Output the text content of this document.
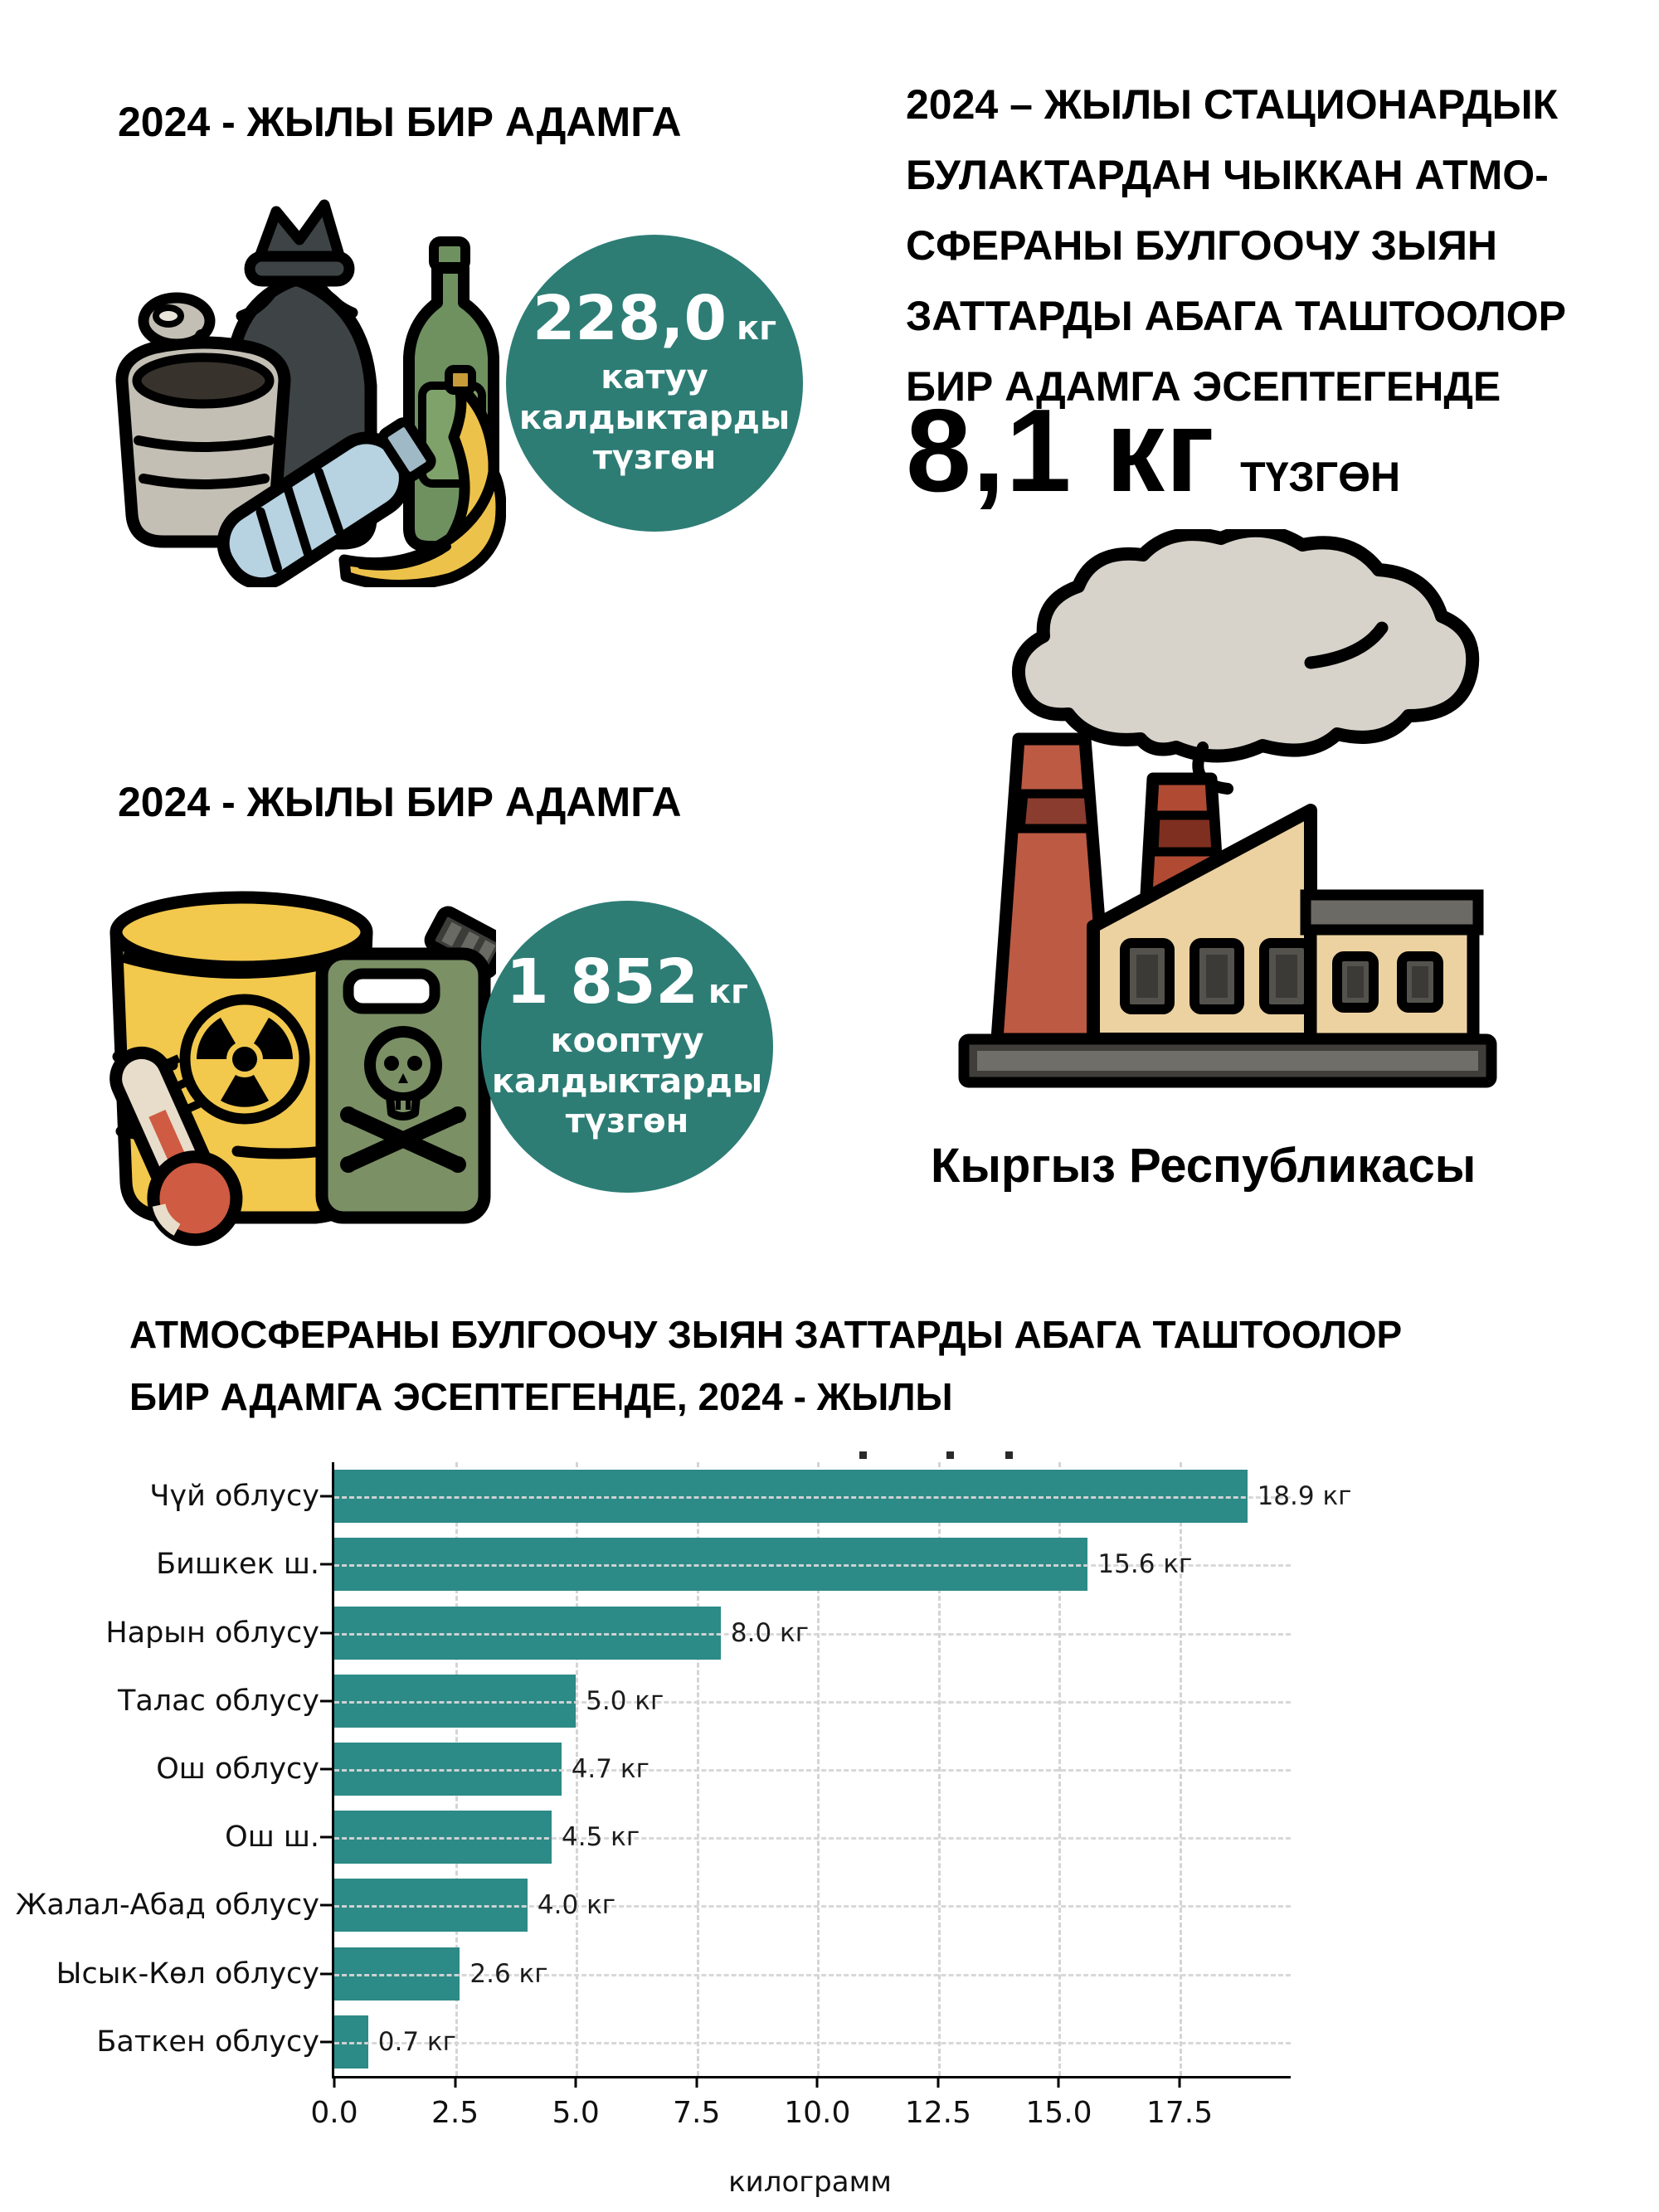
2024 - ЖЫЛЫ БИР АДАМГА
228,0 кг
катуу
калдыктарды
түзгөн
2024 – ЖЫЛЫ СТАЦИОНАРДЫК
БУЛАКТАРДАН ЧЫККАН АТМО-
СФЕРАНЫ БУЛГООЧУ ЗЫЯН
ЗАТТАРДЫ АБАГА ТАШТООЛОР
БИР АДАМГА ЭСЕПТЕГЕНДЕ
8,1 кг ТҮЗГӨН
Кыргыз Республикасы
2024 - ЖЫЛЫ БИР АДАМГА
1 852 кг
кооптуу
калдыктарды
түзгөн
АТМОСФЕРАНЫ БУЛГООЧУ ЗЫЯН ЗАТТАРДЫ АБАГА ТАШТООЛОР
БИР АДАМГА ЭСЕПТЕГЕНДЕ, 2024 - ЖЫЛЫ
0.0 2.5 5.0 7.5 10.0 12.5 15.0 17.5
18.9 кг
Чүй облусу
15.6 кг
Бишкек ш.
8.0 кг
Нарын облусу
5.0 кг
Талас облусу
4.7 кг
Ош облусу
4.5 кг
Ош ш.
4.0 кг
Жалал-Абад облусу
2.6 кг
Ысык-Көл облусу
0.7 кг
Баткен облусу
килограмм
